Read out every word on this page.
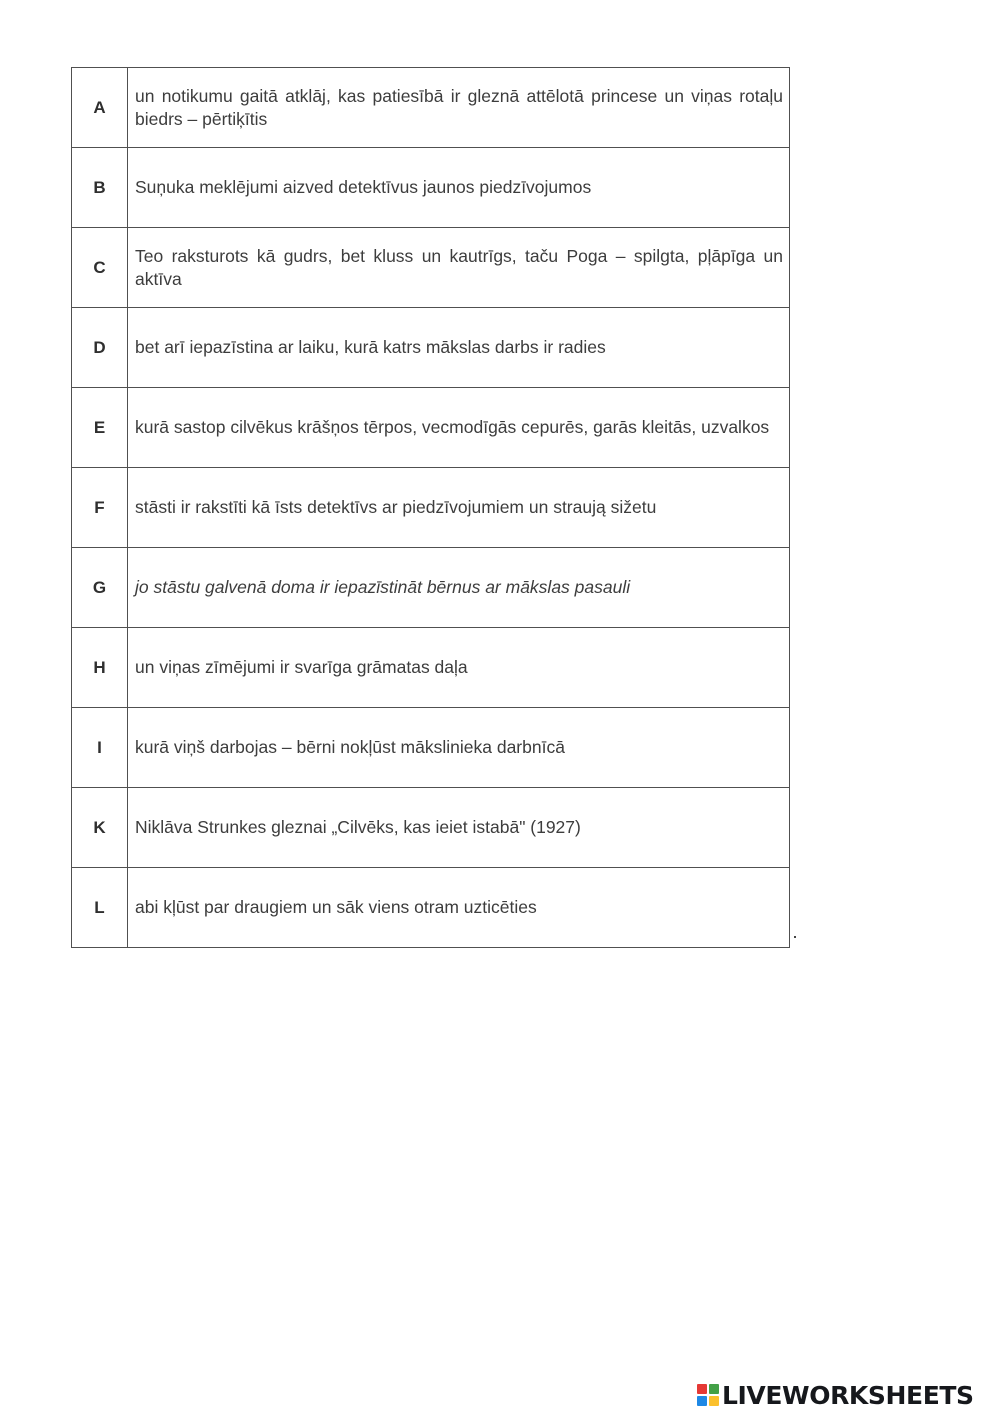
A	un notikumu gaitā atklāj, kas patiesībā ir gleznā attēlotā princese un viņas rotaļu biedrs – pērtiķītis
B	Suņuka meklējumi aizved detektīvus jaunos piedzīvojumos
C	Teo raksturots kā gudrs, bet kluss un kautrīgs, taču Poga – spilgta, pļāpīga un aktīva
D	bet arī iepazīstina ar laiku, kurā katrs mākslas darbs ir radies
E	kurā sastop cilvēkus krāšņos tērpos, vecmodīgās cepurēs, garās kleitās, uzvalkos
F	stāsti ir rakstīti kā īsts detektīvs ar piedzīvojumiem un straują sižetu
G	jo stāstu galvenā doma ir iepazīstināt bērnus ar mākslas pasauli
H	un viņas zīmējumi ir svarīga grāmatas daļa
I	kurā viņš darbojas – bērni nokļūst mākslinieka darbnīcā
K	Niklāva Strunkes gleznai „Cilvēks, kas ieiet istabā" (1927)
L	abi kļūst par draugiem un sāk viens otram uzticēties
LIVEWORKSHEETS
